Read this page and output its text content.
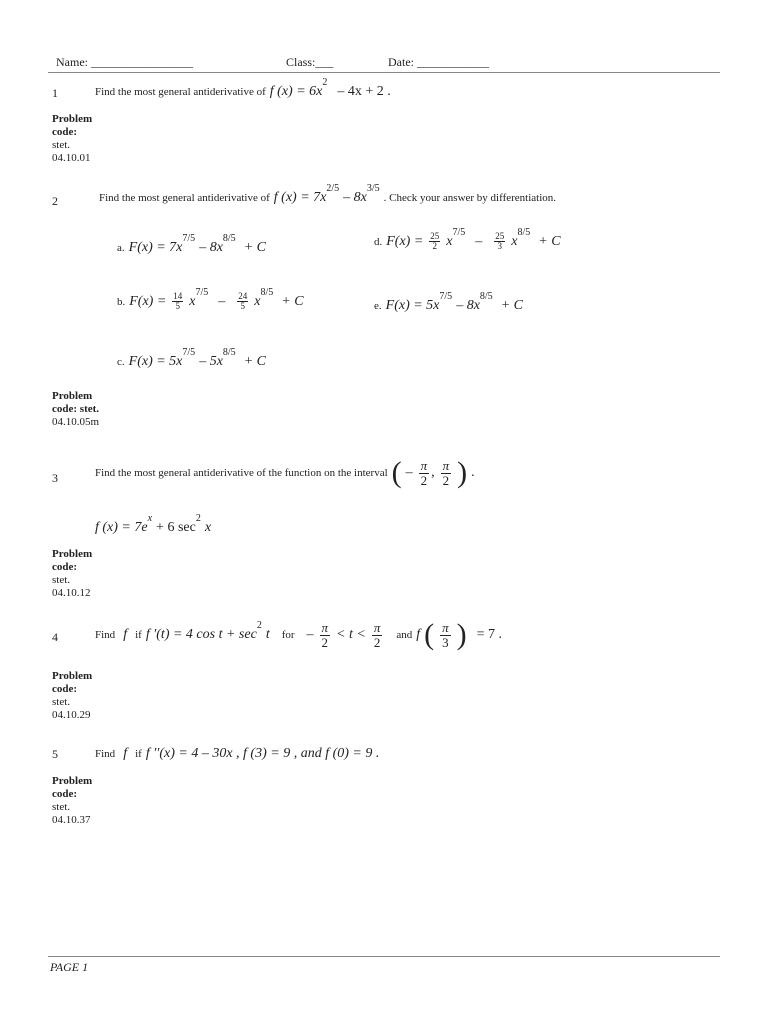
Name: _________________	Class:___	Date: ____________
1	Find the most general antiderivative of f $(x) = 6x^2 - 4x + 2$ .
Problem
code:
stet.
04.10.01
2	Find the most general antiderivative of f $(x) = 7x^{2/5} - 8x^{3/5}$ . Check your answer by differentiation.
a. $F(x) = 7x^{7/5} - 8x^{8/5} + C$	d. $F(x) = \frac{25}{2} x^{7/5} - \frac{25}{3} x^{8/5} + C$
b. $F(x) = \frac{14}{5} x^{7/5} - \frac{24}{5} x^{8/5} + C$	e. $F(x) = 5x^{7/5} - 8x^{8/5} + C$
c. $F(x) = 5x^{7/5} - 5x^{8/5} + C$
Problem
code: stet.
04.10.05m
3	Find the most general antiderivative of the function on the interval ( – $\frac{\pi}{2}$ , $\frac{\pi}{2}$ ) .
f $(x) = 7e^x + 6$ $\sec^2 x$
Problem
code:
stet.
04.10.12
4	Find f if f ′(t) = 4 $\cos t + \sec^2 t$ for – $\frac{\pi}{2} < t < \frac{\pi}{2}$ and f ( $\frac{\pi}{3}$ ) = 7 .
Problem
code:
stet.
04.10.29
5	Find f if f ′′(x) = 4 – 30x , f (3) = 9 , and f (0) = 9 .
Problem
code:
stet.
04.10.37
PAGE 1
